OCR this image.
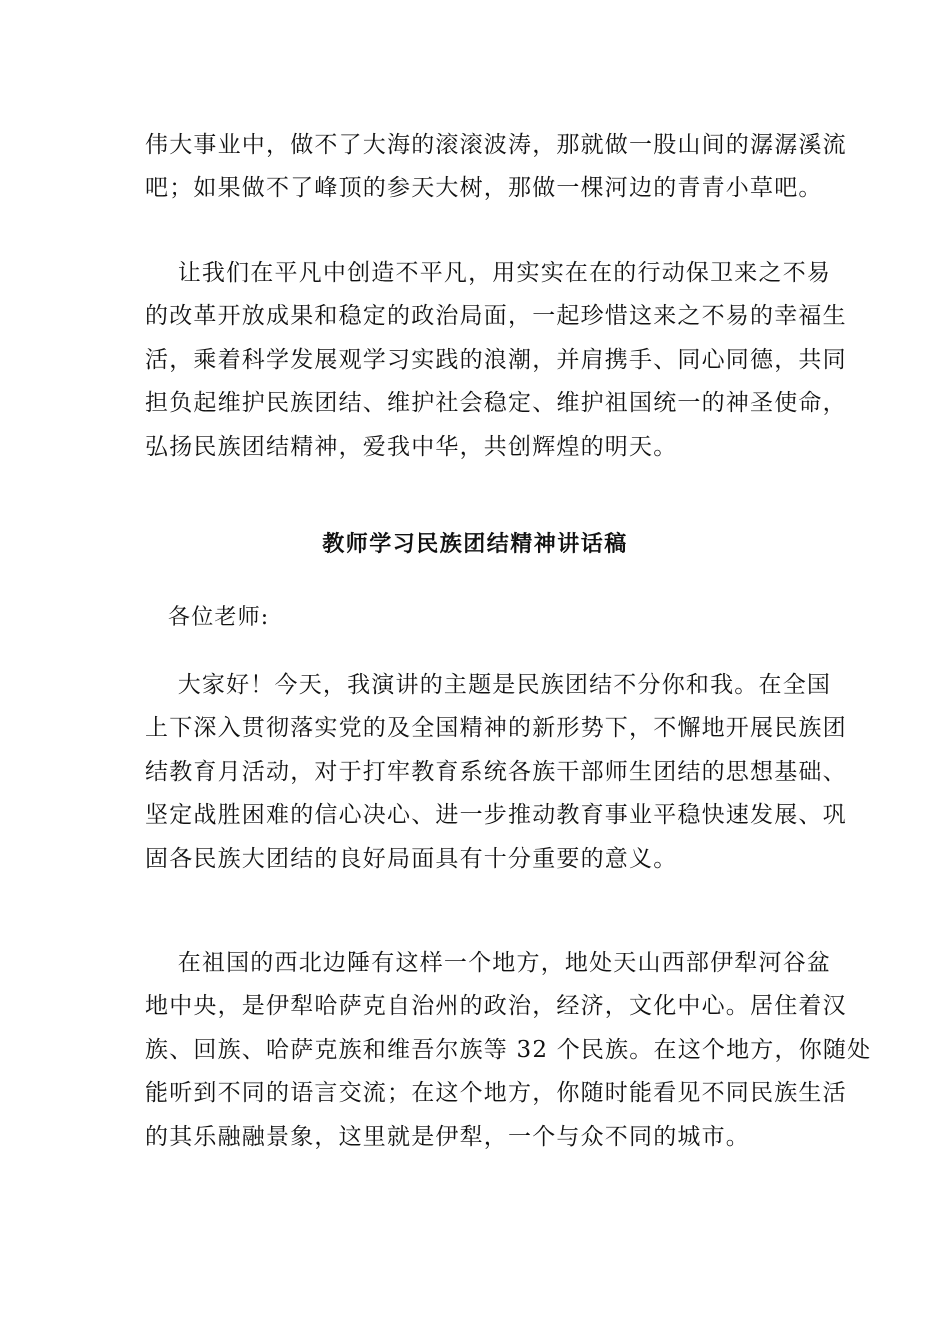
伟大事业中，做不了大海的滚滚波涛，那就做一股山间的潺潺溪流
吧；如果做不了峰顶的参天大树，那做一棵河边的青青小草吧。
　 让我们在平凡中创造不平凡，用实实在在的行动保卫来之不易
的改革开放成果和稳定的政治局面，一起珍惜这来之不易的幸福生
活，乘着科学发展观学习实践的浪潮，并肩携手、同心同德，共同
担负起维护民族团结、维护社会稳定、维护祖国统一的神圣使命，
弘扬民族团结精神，爱我中华，共创辉煌的明天。
教师学习民族团结精神讲话稿

各位老师:

　 大家好！今天，我演讲的主题是民族团结不分你和我。在全国
上下深入贯彻落实党的及全国精神的新形势下，不懈地开展民族团
结教育月活动，对于打牢教育系统各族干部师生团结的思想基础、
坚定战胜困难的信心决心、进一步推动教育事业平稳快速发展、巩
固各民族大团结的良好局面具有十分重要的意义。
　 在祖国的西北边陲有这样一个地方，地处天山西部伊犁河谷盆
地中央，是伊犁哈萨克自治州的政治，经济，文化中心。居住着汉
族、回族、哈萨克族和维吾尔族等 32 个民族。在这个地方，你随处
能听到不同的语言交流；在这个地方，你随时能看见不同民族生活
的其乐融融景象，这里就是伊犁，一个与众不同的城市。
